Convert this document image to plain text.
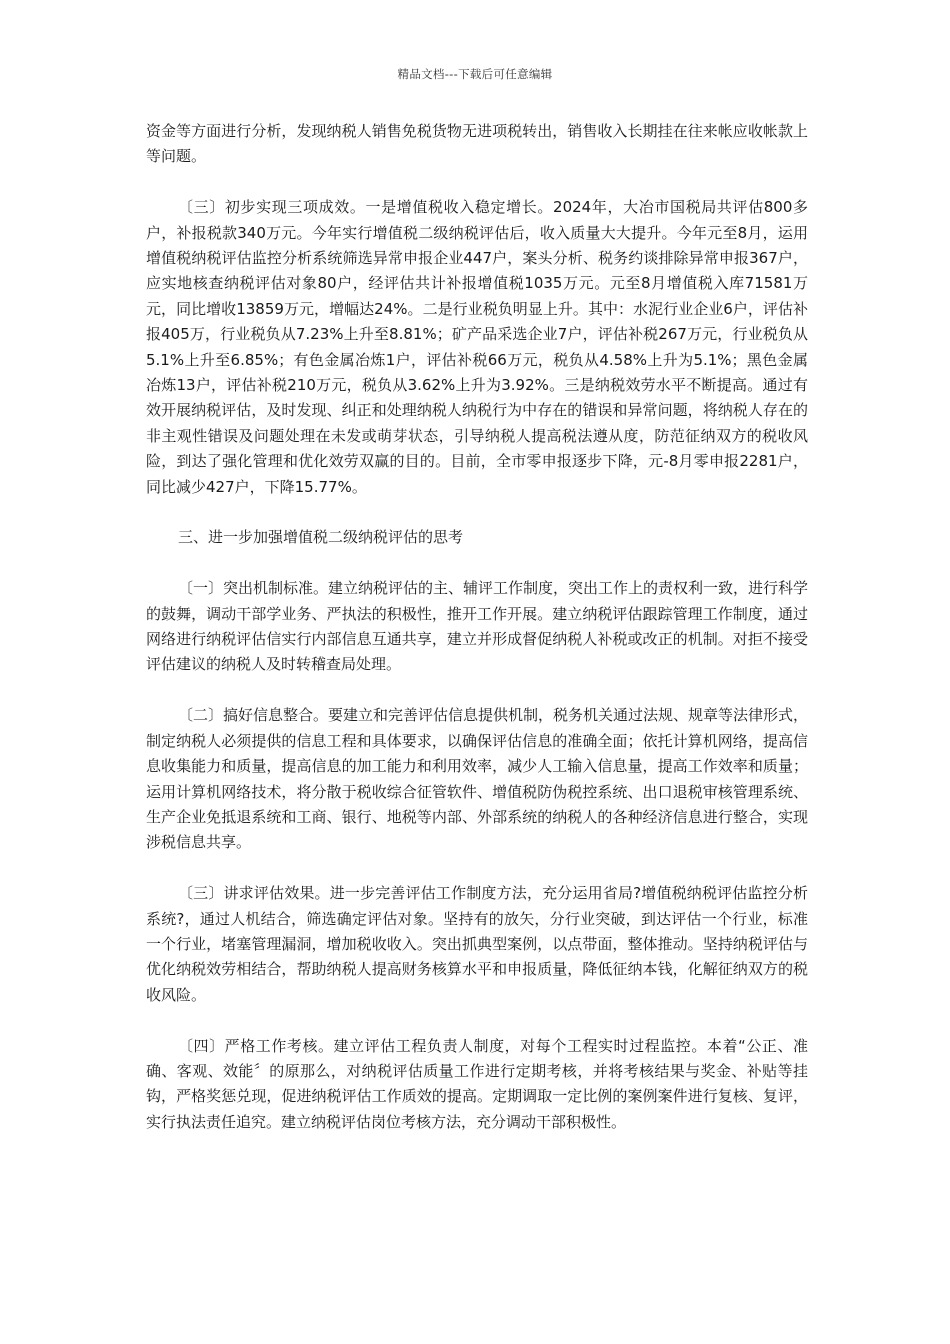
精品文档---下载后可任意编辑

资金等方面进行分析，发现纳税人销售免税货物无进项税转出，销售收入长期挂在往来帐应收帐款上等问题。

〔三〕初步实现三项成效。一是增值税收入稳定增长。2024年，大冶市国税局共评估800多户，补报税款340万元。今年实行增值税二级纳税评估后，收入质量大大提升。今年元至8月，运用增值税纳税评估监控分析系统筛选异常申报企业447户，案头分析、税务约谈排除异常申报367户，应实地核查纳税评估对象80户，经评估共计补报增值税1035万元。元至8月增值税入库71581万元，同比增收13859万元，增幅达24%。二是行业税负明显上升。其中：水泥行业企业6户，评估补报405万，行业税负从7.23%上升至8.81%；矿产品采选企业7户，评估补税267万元，行业税负从5.1%上升至6.85%；有色金属冶炼1户，评估补税66万元，税负从4.58%上升为5.1%；黑色金属冶炼13户，评估补税210万元，税负从3.62%上升为3.92%。三是纳税效劳水平不断提高。通过有效开展纳税评估，及时发现、纠正和处理纳税人纳税行为中存在的错误和异常问题，将纳税人存在的非主观性错误及问题处理在未发或萌芽状态，引导纳税人提高税法遵从度，防范征纳双方的税收风险，到达了强化管理和优化效劳双赢的目的。目前，全市零申报逐步下降，元-8月零申报2281户，同比减少427户，下降15.77%。

三、进一步加强增值税二级纳税评估的思考

〔一〕突出机制标准。建立纳税评估的主、辅评工作制度，突出工作上的责权利一致，进行科学的鼓舞，调动干部学业务、严执法的积极性，推开工作开展。建立纳税评估跟踪管理工作制度，通过网络进行纳税评估信实行内部信息互通共享，建立并形成督促纳税人补税或改正的机制。对拒不接受评估建议的纳税人及时转稽查局处理。

〔二〕搞好信息整合。要建立和完善评估信息提供机制，税务机关通过法规、规章等法律形式，制定纳税人必须提供的信息工程和具体要求，以确保评估信息的准确全面；依托计算机网络，提高信息收集能力和质量，提高信息的加工能力和利用效率，减少人工输入信息量，提高工作效率和质量；运用计算机网络技术，将分散于税收综合征管软件、增值税防伪税控系统、出口退税审核管理系统、生产企业免抵退系统和工商、银行、地税等内部、外部系统的纳税人的各种经济信息进行整合，实现涉税信息共享。

〔三〕讲求评估效果。进一步完善评估工作制度方法，充分运用省局?增值税纳税评估监控分析系统?，通过人机结合，筛选确定评估对象。坚持有的放矢，分行业突破，到达评估一个行业，标准一个行业，堵塞管理漏洞，增加税收收入。突出抓典型案例，以点带面，整体推动。坚持纳税评估与优化纳税效劳相结合，帮助纳税人提高财务核算水平和申报质量，降低征纳本钱，化解征纳双方的税收风险。

〔四〕严格工作考核。建立评估工程负责人制度，对每个工程实时过程监控。本着“公正、准确、客观、效能〞的原那么，对纳税评估质量工作进行定期考核，并将考核结果与奖金、补贴等挂钩，严格奖惩兑现，促进纳税评估工作质效的提高。定期调取一定比例的案例案件进行复核、复评，实行执法责任追究。建立纳税评估岗位考核方法，充分调动干部积极性。
